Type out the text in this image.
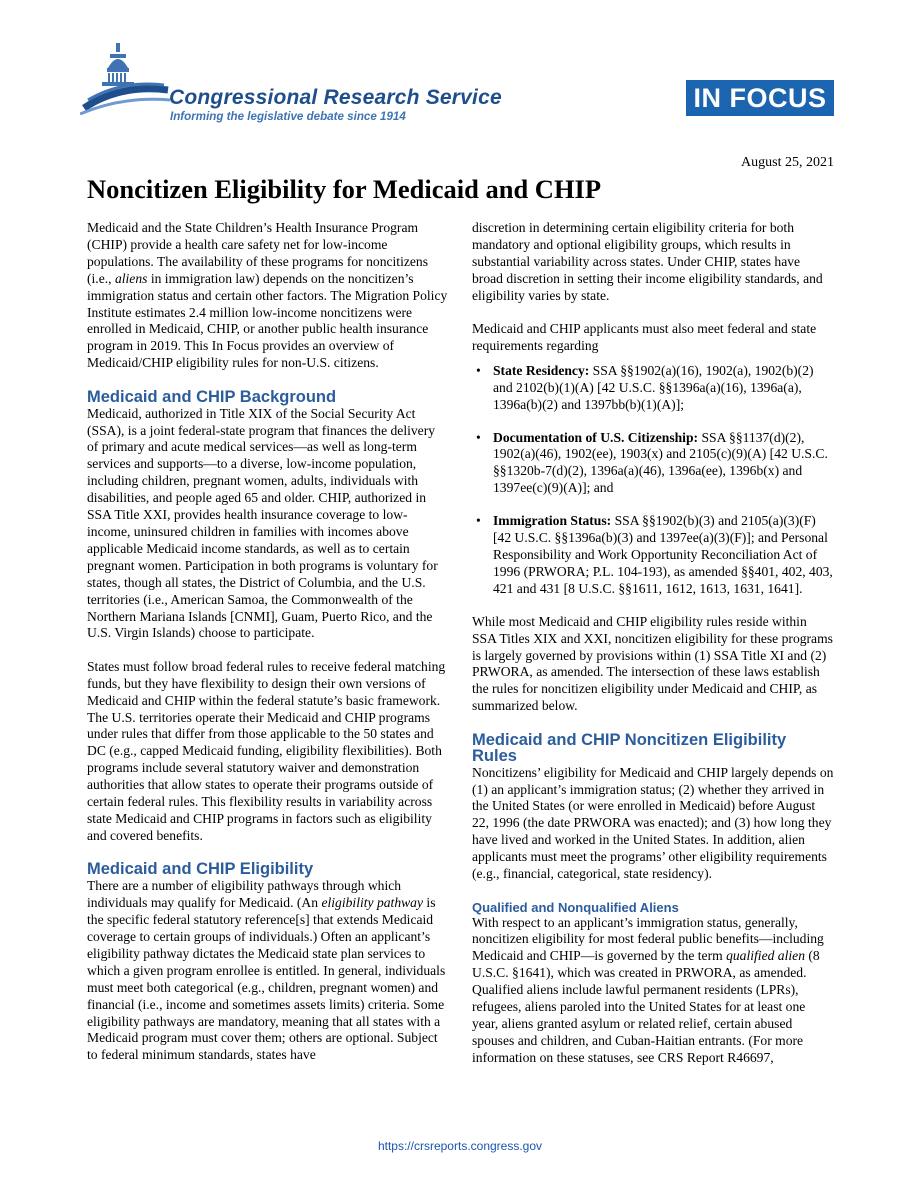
Congressional Research Service
Informing the legislative debate since 1914
IN FOCUS
August 25, 2021
Noncitizen Eligibility for Medicaid and CHIP

Medicaid and the State Children’s Health Insurance Program (CHIP) provide a health care safety net for low-income populations. The availability of these programs for noncitizens (i.e., aliens in immigration law) depends on the noncitizen’s immigration status and certain other factors. The Migration Policy Institute estimates 2.4 million low-income noncitizens were enrolled in Medicaid, CHIP, or another public health insurance program in 2019. This In Focus provides an overview of Medicaid/CHIP eligibility rules for non-U.S. citizens.

Medicaid and CHIP Background

Medicaid, authorized in Title XIX of the Social Security Act (SSA), is a joint federal-state program that finances the delivery of primary and acute medical services—as well as long-term services and supports—to a diverse, low-income population, including children, pregnant women, adults, individuals with disabilities, and people aged 65 and older. CHIP, authorized in SSA Title XXI, provides health insurance coverage to low-income, uninsured children in families with incomes above applicable Medicaid income standards, as well as to certain pregnant women. Participation in both programs is voluntary for states, though all states, the District of Columbia, and the U.S. territories (i.e., American Samoa, the Commonwealth of the Northern Mariana Islands [CNMI], Guam, Puerto Rico, and the U.S. Virgin Islands) choose to participate.

States must follow broad federal rules to receive federal matching funds, but they have flexibility to design their own versions of Medicaid and CHIP within the federal statute’s basic framework. The U.S. territories operate their Medicaid and CHIP programs under rules that differ from those applicable to the 50 states and DC (e.g., capped Medicaid funding, eligibility flexibilities). Both programs include several statutory waiver and demonstration authorities that allow states to operate their programs outside of certain federal rules. This flexibility results in variability across state Medicaid and CHIP programs in factors such as eligibility and covered benefits.

Medicaid and CHIP Eligibility

There are a number of eligibility pathways through which individuals may qualify for Medicaid. (An eligibility pathway is the specific federal statutory reference[s] that extends Medicaid coverage to certain groups of individuals.) Often an applicant’s eligibility pathway dictates the Medicaid state plan services to which a given program enrollee is entitled. In general, individuals must meet both categorical (e.g., children, pregnant women) and financial (i.e., income and sometimes assets limits) criteria. Some eligibility pathways are mandatory, meaning that all states with a Medicaid program must cover them; others are optional. Subject to federal minimum standards, states have

discretion in determining certain eligibility criteria for both mandatory and optional eligibility groups, which results in substantial variability across states. Under CHIP, states have broad discretion in setting their income eligibility standards, and eligibility varies by state.

Medicaid and CHIP applicants must also meet federal and state requirements regarding

• State Residency: SSA §§1902(a)(16), 1902(a), 1902(b)(2) and 2102(b)(1)(A) [42 U.S.C. §§1396a(a)(16), 1396a(a), 1396a(b)(2) and 1397bb(b)(1)(A)];
• Documentation of U.S. Citizenship: SSA §§1137(d)(2), 1902(a)(46), 1902(ee), 1903(x) and 2105(c)(9)(A) [42 U.S.C. §§1320b-7(d)(2), 1396a(a)(46), 1396a(ee), 1396b(x) and 1397ee(c)(9)(A)]; and
• Immigration Status: SSA §§1902(b)(3) and 2105(a)(3)(F) [42 U.S.C. §§1396a(b)(3) and 1397ee(a)(3)(F)]; and Personal Responsibility and Work Opportunity Reconciliation Act of 1996 (PRWORA; P.L. 104-193), as amended §§401, 402, 403, 421 and 431 [8 U.S.C. §§1611, 1612, 1613, 1631, 1641].

While most Medicaid and CHIP eligibility rules reside within SSA Titles XIX and XXI, noncitizen eligibility for these programs is largely governed by provisions within (1) SSA Title XI and (2) PRWORA, as amended. The intersection of these laws establish the rules for noncitizen eligibility under Medicaid and CHIP, as summarized below.

Medicaid and CHIP Noncitizen Eligibility Rules

Noncitizens’ eligibility for Medicaid and CHIP largely depends on (1) an applicant’s immigration status; (2) whether they arrived in the United States (or were enrolled in Medicaid) before August 22, 1996 (the date PRWORA was enacted); and (3) how long they have lived and worked in the United States. In addition, alien applicants must meet the programs’ other eligibility requirements (e.g., financial, categorical, state residency).

Qualified and Nonqualified Aliens

With respect to an applicant’s immigration status, generally, noncitizen eligibility for most federal public benefits—including Medicaid and CHIP—is governed by the term qualified alien (8 U.S.C. §1641), which was created in PRWORA, as amended. Qualified aliens include lawful permanent residents (LPRs), refugees, aliens paroled into the United States for at least one year, aliens granted asylum or related relief, certain abused spouses and children, and Cuban-Haitian entrants. (For more information on these statuses, see CRS Report R46697,

https://crsreports.congress.gov
